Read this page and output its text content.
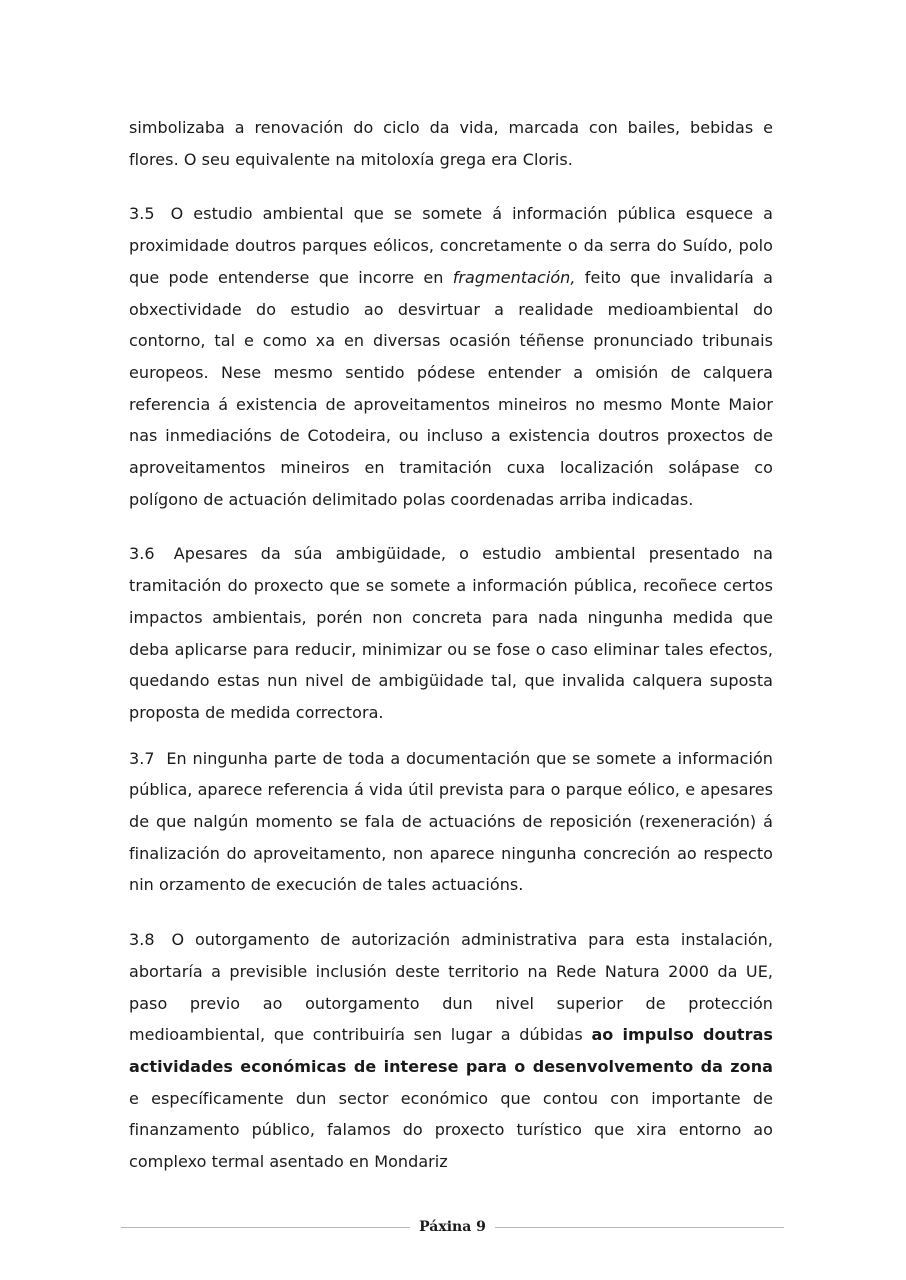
simbolizaba a renovación do ciclo da vida, marcada con bailes, bebidas e flores. O seu equivalente na mitoloxía grega era Cloris.

3.5 O estudio ambiental que se somete á información pública esquece a proximidade doutros parques eólicos, concretamente o da serra do Suído, polo que pode entenderse que incorre en fragmentación, feito que invalidaría a obxectividade do estudio ao desvirtuar a realidade medioambiental do contorno, tal e como xa en diversas ocasión téñense pronunciado tribunais europeos. Nese mesmo sentido pódese entender a omisión de calquera referencia á existencia de aproveitamentos mineiros no mesmo Monte Maior nas inmediacións de Cotodeira, ou incluso a existencia doutros proxectos de aproveitamentos mineiros en tramitación cuxa localización solápase co polígono de actuación delimitado polas coordenadas arriba indicadas.

3.6 Apesares da súa ambigüidade, o estudio ambiental presentado na tramitación do proxecto que se somete a información pública, recoñece certos impactos ambientais, porén non concreta para nada ningunha medida que deba aplicarse para reducir, minimizar ou se fose o caso eliminar tales efectos, quedando estas nun nivel de ambigüidade tal, que invalida calquera suposta proposta de medida correctora.

3.7 En ningunha parte de toda a documentación que se somete a información pública, aparece referencia á vida útil prevista para o parque eólico, e apesares de que nalgún momento se fala de actuacións de reposición (rexeneración) á finalización do aproveitamento, non aparece ningunha concreción ao respecto nin orzamento de execución de tales actuacións.

3.8 O outorgamento de autorización administrativa para esta instalación, abortaría a previsible inclusión deste territorio na Rede Natura 2000 da UE, paso previo ao outorgamento dun nivel superior de protección medioambiental, que contribuiría sen lugar a dúbidas ao impulso doutras actividades económicas de interese para o desenvolvemento da zona e específicamente dun sector económico que contou con importante de finanzamento público, falamos do proxecto turístico que xira entorno ao complexo termal asentado en Mondariz

Páxina 9
